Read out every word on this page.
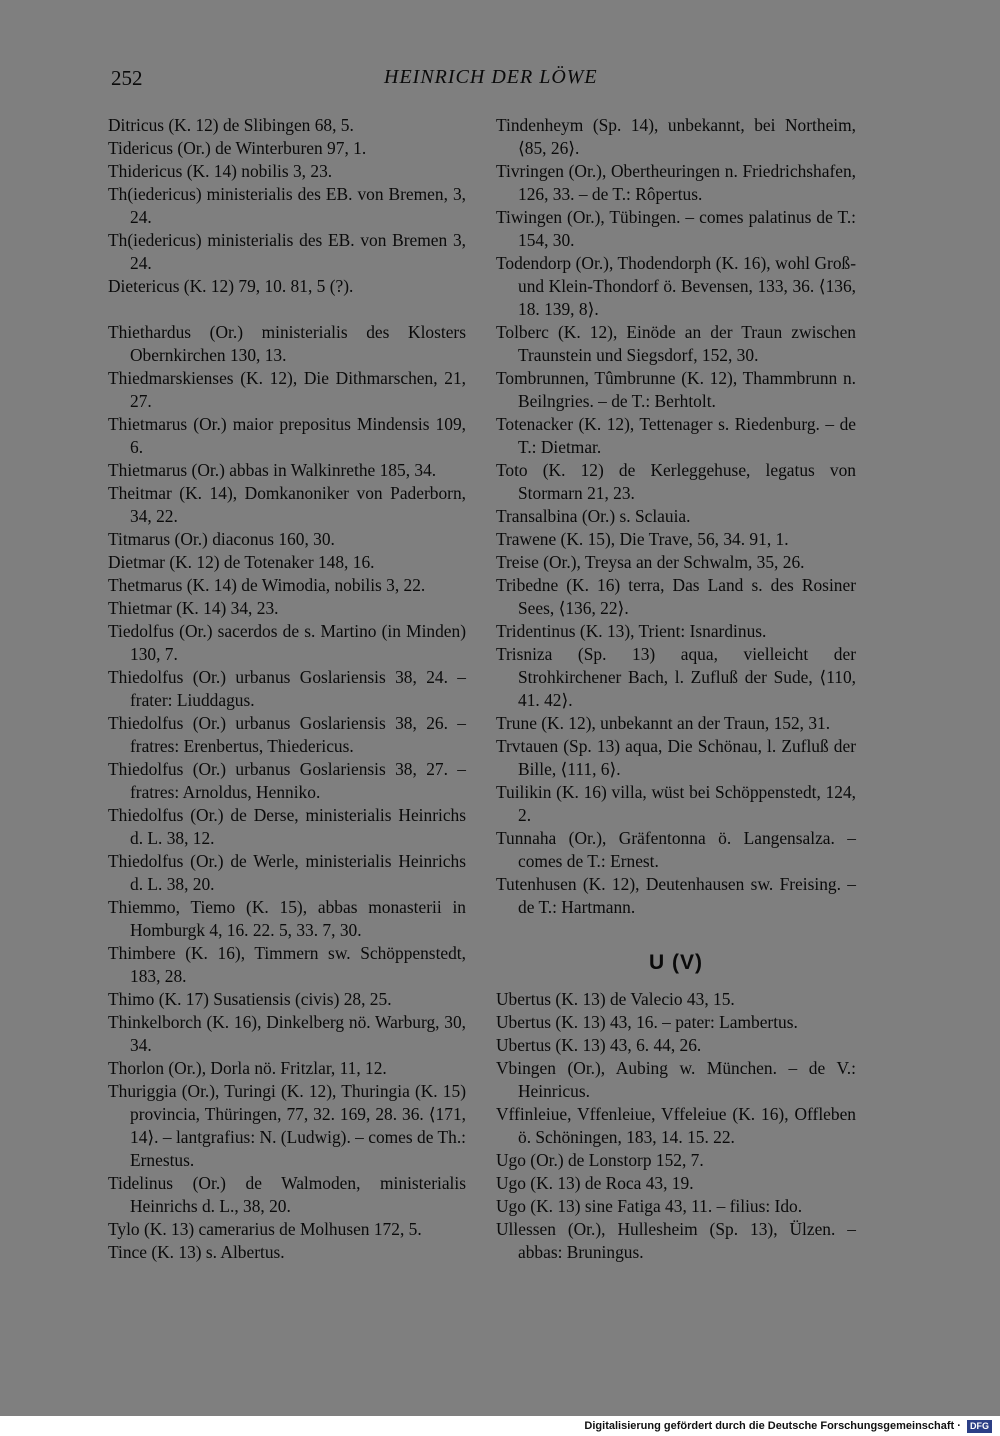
252	HEINRICH DER LÖWE

Ditricus (K. 12) de Slibingen 68, 5.

Tidericus (Or.) de Winterburen 97, 1.

Thidericus (K. 14) nobilis 3, 23.

Th(iedericus) ministerialis des EB. von Bremen, 3, 24.

Th(iedericus) ministerialis des EB. von Bremen 3, 24.

Dietericus (K. 12) 79, 10. 81, 5 (?).

Thiethardus (Or.) ministerialis des Klosters Obernkirchen 130, 13.

Thiedmarskienses (K. 12), Die Dithmarschen, 21, 27.

Thietmarus (Or.) maior prepositus Mindensis 109, 6.

Thietmarus (Or.) abbas in Walkinrethe 185, 34.

Theitmar (K. 14), Domkanoniker von Paderborn, 34, 22.

Titmarus (Or.) diaconus 160, 30.

Dietmar (K. 12) de Totenaker 148, 16.

Thetmarus (K. 14) de Wimodia, nobilis 3, 22.

Thietmar (K. 14) 34, 23.

Tiedolfus (Or.) sacerdos de s. Martino (in Minden) 130, 7.

Thiedolfus (Or.) urbanus Goslariensis 38, 24. – frater: Liuddagus.

Thiedolfus (Or.) urbanus Goslariensis 38, 26. – fratres: Erenbertus, Thiedericus.

Thiedolfus (Or.) urbanus Goslariensis 38, 27. – fratres: Arnoldus, Henniko.

Thiedolfus (Or.) de Derse, ministerialis Heinrichs d. L. 38, 12.

Thiedolfus (Or.) de Werle, ministerialis Heinrichs d. L. 38, 20.

Thiemmo, Tiemo (K. 15), abbas monasterii in Homburgk 4, 16. 22. 5, 33. 7, 30.

Thimbere (K. 16), Timmern sw. Schöppenstedt, 183, 28.

Thimo (K. 17) Susatiensis (civis) 28, 25.

Thinkelborch (K. 16), Dinkelberg nö. Warburg, 30, 34.

Thorlon (Or.), Dorla nö. Fritzlar, 11, 12.

Thuriggia (Or.), Turingi (K. 12), Thuringia (K. 15) provincia, Thüringen, 77, 32. 169, 28. 36. ⟨171, 14⟩. – lantgrafius: N. (Ludwig). – comes de Th.: Ernestus.

Tidelinus (Or.) de Walmoden, ministerialis Heinrichs d. L., 38, 20.

Tylo (K. 13) camerarius de Molhusen 172, 5.

Tince (K. 13) s. Albertus.

Tindenheym (Sp. 14), unbekannt, bei Northeim, ⟨85, 26⟩.

Tivringen (Or.), Obertheuringen n. Friedrichshafen, 126, 33. – de T.: Rôpertus.

Tiwingen (Or.), Tübingen. – comes palatinus de T.: 154, 30.

Todendorp (Or.), Thodendorph (K. 16), wohl Groß- und Klein-Thondorf ö. Bevensen, 133, 36. ⟨136, 18. 139, 8⟩.

Tolberc (K. 12), Einöde an der Traun zwischen Traunstein und Siegsdorf, 152, 30.

Tombrunnen, Tûmbrunne (K. 12), Thammbrunn n. Beilngries. – de T.: Berhtolt.

Totenacker (K. 12), Tettenager s. Riedenburg. – de T.: Dietmar.

Toto (K. 12) de Kerleggehuse, legatus von Stormarn 21, 23.

Transalbina (Or.) s. Sclauia.

Trawene (K. 15), Die Trave, 56, 34. 91, 1.

Treise (Or.), Treysa an der Schwalm, 35, 26.

Tribedne (K. 16) terra, Das Land s. des Rosiner Sees, ⟨136, 22⟩.

Tridentinus (K. 13), Trient: Isnardinus.

Trisniza (Sp. 13) aqua, vielleicht der Strohkirchener Bach, l. Zufluß der Sude, ⟨110, 41. 42⟩.

Trune (K. 12), unbekannt an der Traun, 152, 31.

Trvtauen (Sp. 13) aqua, Die Schönau, l. Zufluß der Bille, ⟨111, 6⟩.

Tuilikin (K. 16) villa, wüst bei Schöppenstedt, 124, 2.

Tunnaha (Or.), Gräfentonna ö. Langensalza. – comes de T.: Ernest.

Tutenhusen (K. 12), Deutenhausen sw. Freising. – de T.: Hartmann.

U (V)

Ubertus (K. 13) de Valecio 43, 15.

Ubertus (K. 13) 43, 16. – pater: Lambertus.

Ubertus (K. 13) 43, 6. 44, 26.

Vbingen (Or.), Aubing w. München. – de V.: Heinricus.

Vffinleiue, Vffenleiue, Vffeleiue (K. 16), Offleben ö. Schöningen, 183, 14. 15. 22.

Ugo (Or.) de Lonstorp 152, 7.

Ugo (K. 13) de Roca 43, 19.

Ugo (K. 13) sine Fatiga 43, 11. – filius: Ido.

Ullessen (Or.), Hullesheim (Sp. 13), Ülzen. – abbas: Bruningus.

Digitalisierung gefördert durch die Deutsche Forschungsgemeinschaft · DFG
